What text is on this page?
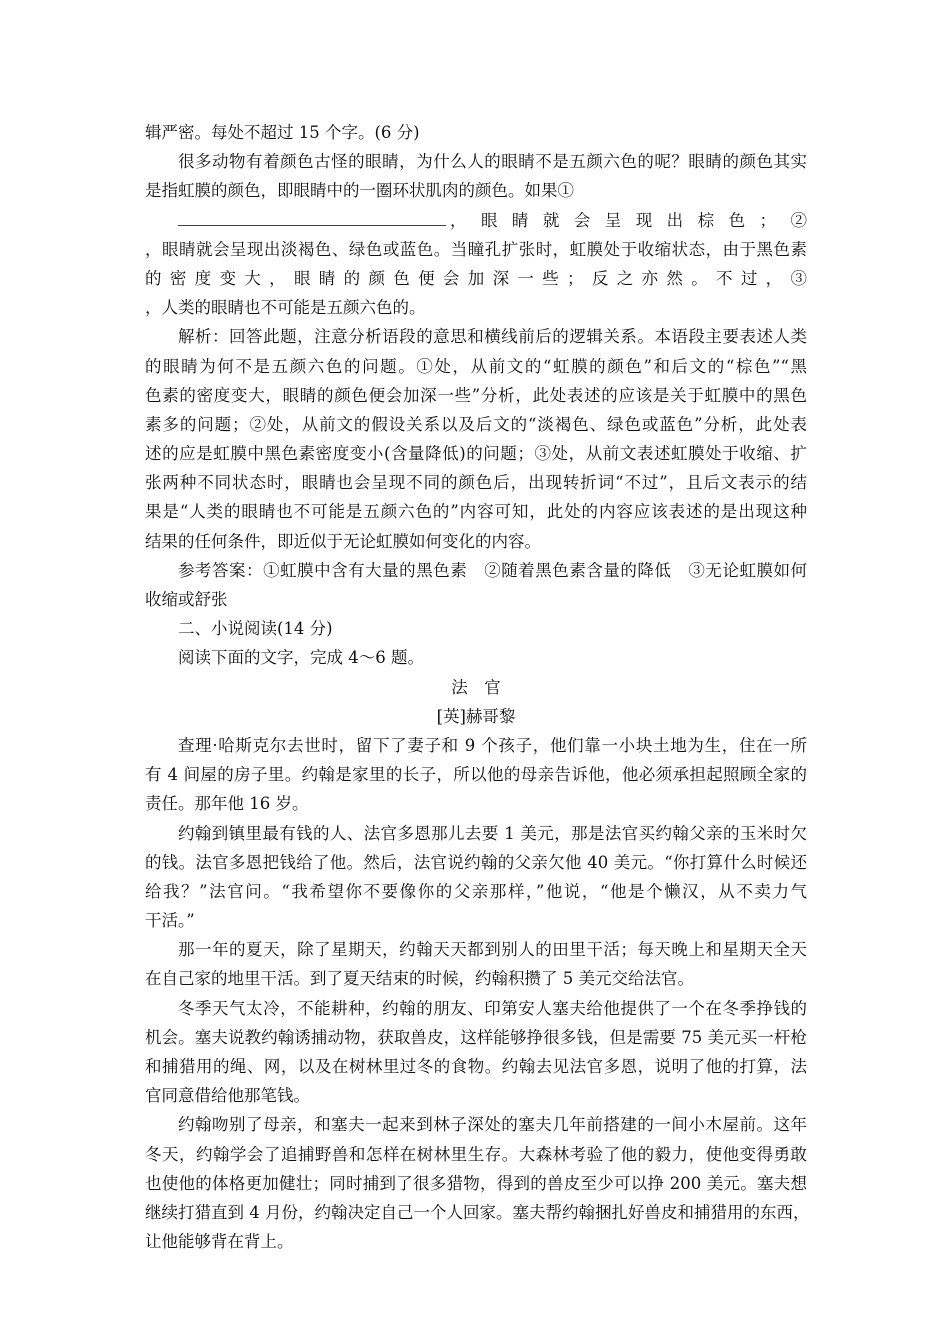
辑严密。每处不超过 15 个字。(6 分)
很多动物有着颜色古怪的眼睛，为什么人的眼睛不是五颜六色的呢？眼睛的颜色其实
是指虹膜的颜色，即眼睛中的一圈环状肌肉的颜色。如果①
，眼睛就会呈现出棕色；②
，眼睛就会呈现出淡褐色、绿色或蓝色。当瞳孔扩张时，虹膜处于收缩状态，由于黑色素
的密度变大，眼睛的颜色便会加深一些；反之亦然。不过，③
，人类的眼睛也不可能是五颜六色的。
解析：回答此题，注意分析语段的意思和横线前后的逻辑关系。本语段主要表述人类
的眼睛为何不是五颜六色的问题。①处，从前文的“虹膜的颜色”和后文的“棕色”“黑
色素的密度变大，眼睛的颜色便会加深一些”分析，此处表述的应该是关于虹膜中的黑色
素多的问题；②处，从前文的假设关系以及后文的“淡褐色、绿色或蓝色”分析，此处表
述的应是虹膜中黑色素密度变小(含量降低)的问题；③处，从前文表述虹膜处于收缩、扩
张两种不同状态时，眼睛也会呈现不同的颜色后，出现转折词“不过”，且后文表示的结
果是“人类的眼睛也不可能是五颜六色的”内容可知，此处的内容应该表述的是出现这种
结果的任何条件，即近似于无论虹膜如何变化的内容。
参考答案：①虹膜中含有大量的黑色素　②随着黑色素含量的降低　③无论虹膜如何
收缩或舒张
二、小说阅读(14 分)
阅读下面的文字，完成 4～6 题。
法　官
[英]赫哥黎
查理·哈斯克尔去世时，留下了妻子和 9 个孩子，他们靠一小块土地为生，住在一所
有 4 间屋的房子里。约翰是家里的长子，所以他的母亲告诉他，他必须承担起照顾全家的
责任。那年他 16 岁。
约翰到镇里最有钱的人、法官多恩那儿去要 1 美元，那是法官买约翰父亲的玉米时欠
的钱。法官多恩把钱给了他。然后，法官说约翰的父亲欠他 40 美元。“你打算什么时候还
给我？”法官问。“我希望你不要像你的父亲那样，”他说，“他是个懒汉，从不卖力气
干活。”
那一年的夏天，除了星期天，约翰天天都到别人的田里干活；每天晚上和星期天全天
在自己家的地里干活。到了夏天结束的时候，约翰积攒了 5 美元交给法官。
冬季天气太冷，不能耕种，约翰的朋友、印第安人塞夫给他提供了一个在冬季挣钱的
机会。塞夫说教约翰诱捕动物，获取兽皮，这样能够挣很多钱，但是需要 75 美元买一杆枪
和捕猎用的绳、网，以及在树林里过冬的食物。约翰去见法官多恩，说明了他的打算，法
官同意借给他那笔钱。
约翰吻别了母亲，和塞夫一起来到林子深处的塞夫几年前搭建的一间小木屋前。这年
冬天，约翰学会了追捕野兽和怎样在树林里生存。大森林考验了他的毅力，使他变得勇敢
也使他的体格更加健壮；同时捕到了很多猎物，得到的兽皮至少可以挣 200 美元。塞夫想
继续打猎直到 4 月份，约翰决定自己一个人回家。塞夫帮约翰捆扎好兽皮和捕猎用的东西，
让他能够背在背上。
